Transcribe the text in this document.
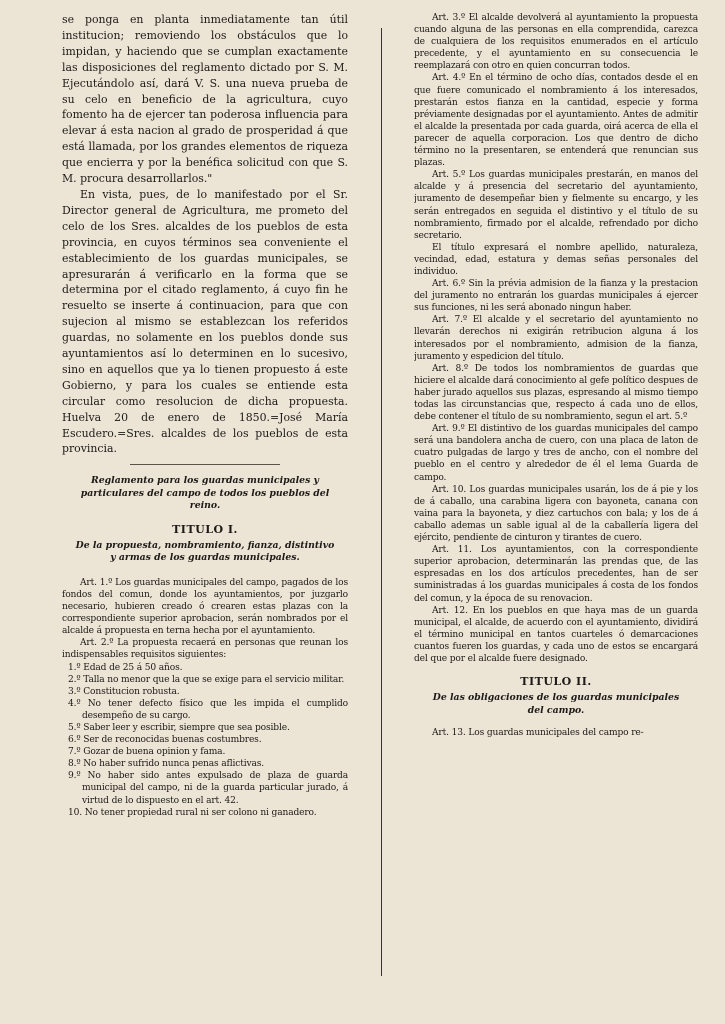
se ponga en planta inmediatamente tan útil institucion; removiendo los obstáculos que lo impidan, y haciendo que se cumplan exactamente las disposiciones del reglamento dictado por S. M. Ejecutándolo así, dará V. S. una nueva prueba de su celo en beneficio de la agricultura, cuyo fomento ha de ejercer tan poderosa influencia para elevar á esta nacion al grado de prosperidad á que está llamada, por los grandes elementos de riqueza que encierra y por la benéfica solicitud con que S. M. procura desarrollarlos."

En vista, pues, de lo manifestado por el Sr. Director general de Agricultura, me prometo del celo de los Sres. alcaldes de los pueblos de esta provincia, en cuyos términos sea conveniente el establecimiento de los guardas municipales, se apresurarán á verificarlo en la forma que se determina por el citado reglamento, á cuyo fin he resuelto se inserte á continuacion, para que con sujecion al mismo se establezcan los referidos guardas, no solamente en los pueblos donde sus ayuntamientos así lo determinen en lo sucesivo, sino en aquellos que ya lo tienen propuesto á este Gobierno, y para los cuales se entiende esta circular como resolucion de dicha propuesta. Huelva 20 de enero de 1850.=José María Escudero.=Sres. alcaldes de los pueblos de esta provincia.

Reglamento para los guardas municipales y particulares del campo de todos los pueblos del reino.

TITULO I.

De la propuesta, nombramiento, fianza, distintivo y armas de los guardas municipales.

Art. 1.º Los guardas municipales del campo, pagados de los fondos del comun, donde los ayuntamientos, por juzgarlo necesario, hubieren creado ó crearen estas plazas con la correspondiente superior aprobacion, serán nombrados por el alcalde á propuesta en terna hecha por el ayuntamiento.

Art. 2.º La propuesta recaerá en personas que reunan los indispensables requisitos siguientes:

1.º Edad de 25 á 50 años.

2.º Talla no menor que la que se exige para el servicio militar.

3.º Constitucion robusta.

4.º No tener defecto físico que les impida el cumplido desempeño de su cargo.

5.º Saber leer y escribir, siempre que sea posible.

6.º Ser de reconocidas buenas costumbres.

7.º Gozar de buena opinion y fama.

8.º No haber sufrido nunca penas aflictivas.

9.º No haber sido antes expulsado de plaza de guarda municipal del campo, ni de la guarda particular jurado, á virtud de lo dispuesto en el art. 42.

10. No tener propiedad rural ni ser colono ni ganadero.

Art. 3.º El alcalde devolverá al ayuntamiento la propuesta cuando alguna de las personas en ella comprendida, carezca de cualquiera de los requisitos enumerados en el artículo precedente, y el ayuntamiento en su consecuencia le reemplazará con otro en quien concurran todos.

Art. 4.º En el término de ocho días, contados desde el en que fuere comunicado el nombramiento á los interesados, prestarán estos fianza en la cantidad, especie y forma préviamente designadas por el ayuntamiento. Antes de admitir el alcalde la presentada por cada guarda, oirá acerca de ella el parecer de aquella corporacion. Los que dentro de dicho término no la presentaren, se entenderá que renuncian sus plazas.

Art. 5.º Los guardas municipales prestarán, en manos del alcalde y á presencia del secretario del ayuntamiento, juramento de desempeñar bien y fielmente su encargo, y les serán entregados en seguida el distintivo y el título de su nombramiento, firmado por el alcalde, refrendado por dicho secretario.

El título expresará el nombre apellido, naturaleza, vecindad, edad, estatura y demas señas personales del individuo.

Art. 6.º Sin la prévia admision de la fianza y la prestacion del juramento no entrarán los guardas municipales á ejercer sus funciones, ni les será abonado ningun haber.

Art. 7.º El alcalde y el secretario del ayuntamiento no llevarán derechos ni exigirán retribucion alguna á los interesados por el nombramiento, admision de la fianza, juramento y espedicion del título.

Art. 8.º De todos los nombramientos de guardas que hiciere el alcalde dará conocimiento al gefe político despues de haber jurado aquellos sus plazas, espresando al mismo tiempo todas las circunstancias que, respecto á cada uno de ellos, debe contener el título de su nombramiento, segun el art. 5.º

Art. 9.º El distintivo de los guardas municipales del campo será una bandolera ancha de cuero, con una placa de laton de cuatro pulgadas de largo y tres de ancho, con el nombre del pueblo en el centro y alrededor de él el lema Guarda de campo.

Art. 10. Los guardas municipales usarán, los de á pie y los de á caballo, una carabina ligera con bayoneta, canana con vaina para la bayoneta, y diez cartuchos con bala; y los de á caballo ademas un sable igual al de la caballería ligera del ejército, pendiente de cinturon y tirantes de cuero.

Art. 11. Los ayuntamientos, con la correspondiente superior aprobacion, determinarán las prendas que, de las espresadas en los dos artículos precedentes, han de ser suministradas á los guardas municipales á costa de los fondos del comun, y la época de su renovacion.

Art. 12. En los pueblos en que haya mas de un guarda municipal, el alcalde, de acuerdo con el ayuntamiento, dividirá el término municipal en tantos cuarteles ó demarcaciones cuantos fueren los guardas, y cada uno de estos se encargará del que por el alcalde fuere designado.

TITULO II.

De las obligaciones de los guardas municipales del campo.

Art. 13. Los guardas municipales del campo re-
